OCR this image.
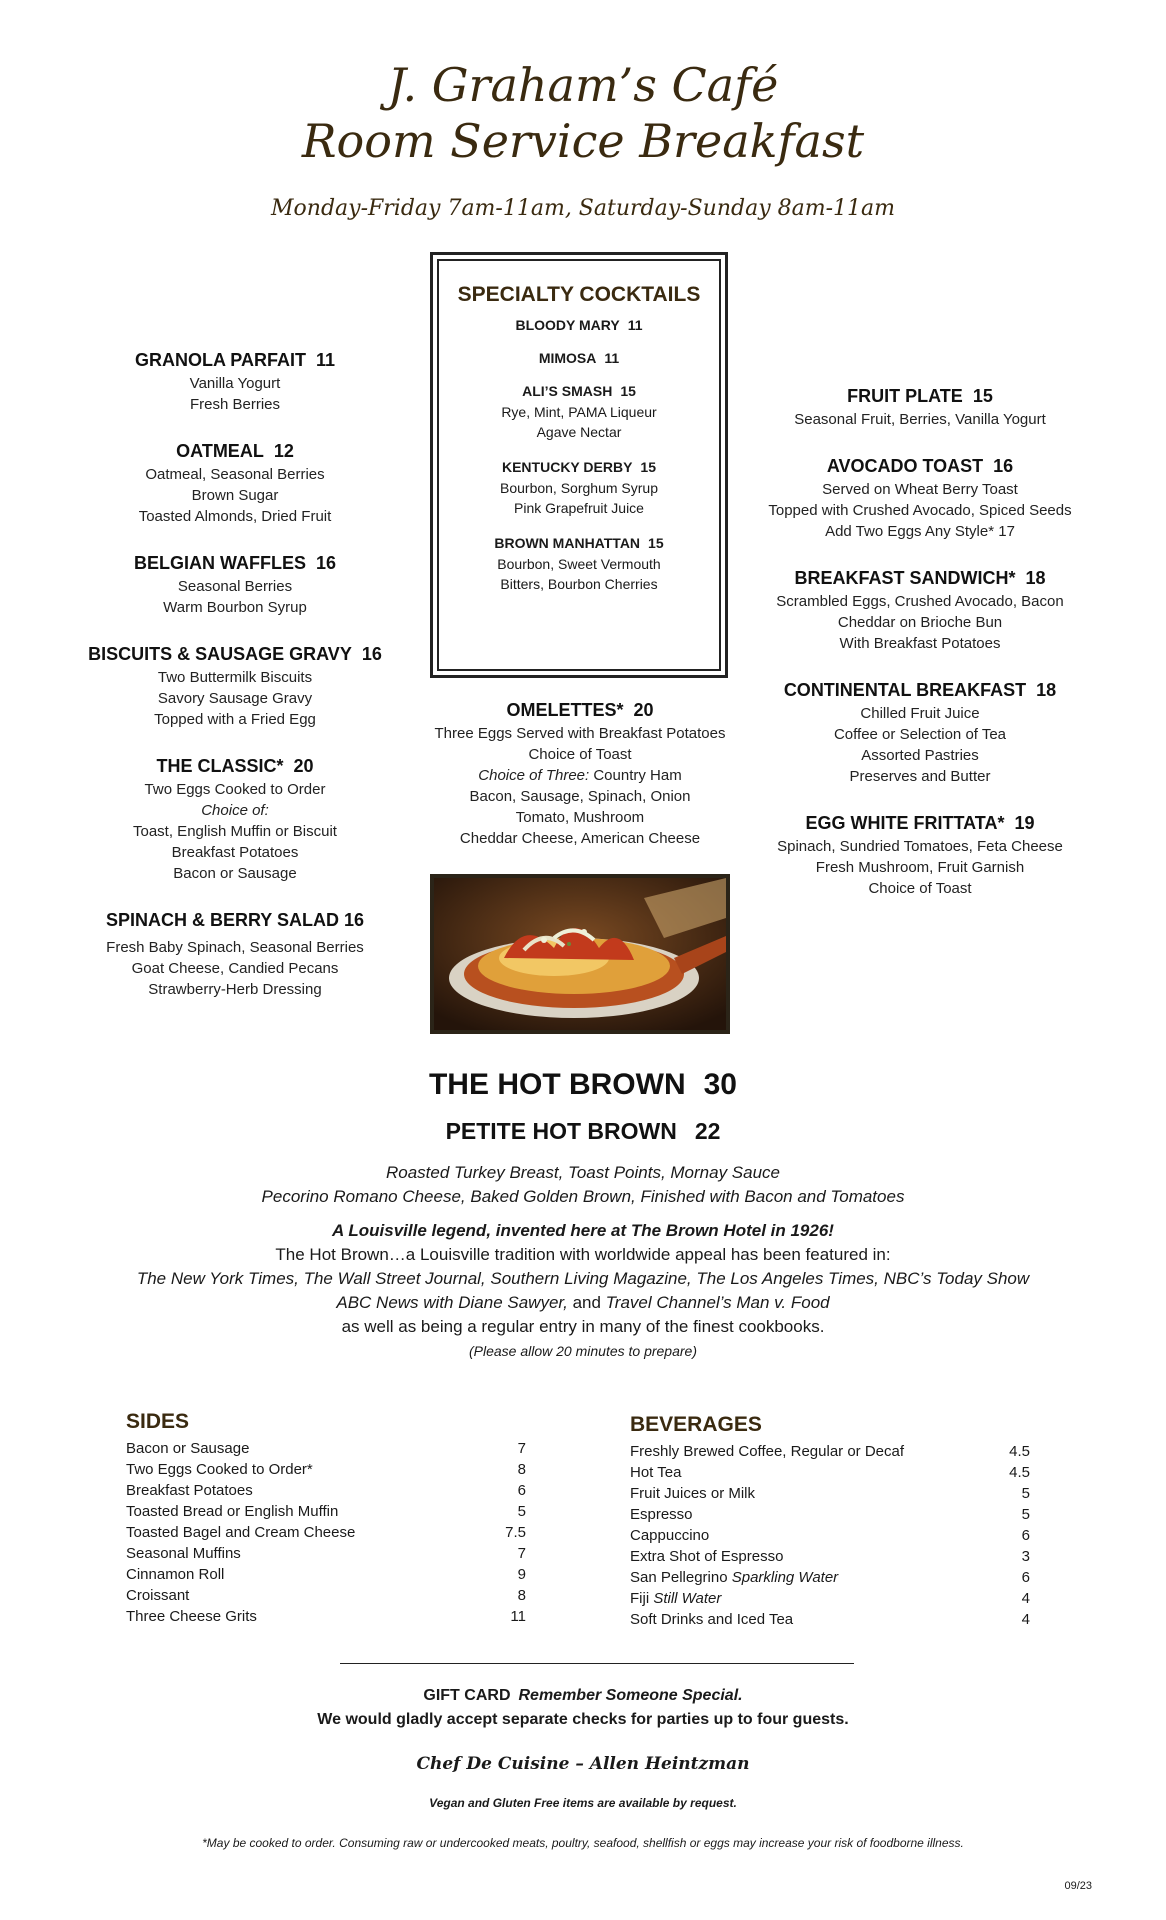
J. Graham’s Café
Room Service Breakfast
Monday-Friday 7am-11am, Saturday-Sunday 8am-11am
GRANOLA PARFAIT 11
Vanilla Yogurt
Fresh Berries
OATMEAL 12
Oatmeal, Seasonal Berries
Brown Sugar
Toasted Almonds, Dried Fruit
BELGIAN WAFFLES 16
Seasonal Berries
Warm Bourbon Syrup
BISCUITS & SAUSAGE GRAVY 16
Two Buttermilk Biscuits
Savory Sausage Gravy
Topped with a Fried Egg
THE CLASSIC* 20
Two Eggs Cooked to Order
Choice of:
Toast, English Muffin or Biscuit
Breakfast Potatoes
Bacon or Sausage
SPINACH & BERRY SALAD 16
Fresh Baby Spinach, Seasonal Berries
Goat Cheese, Candied Pecans
Strawberry-Herb Dressing
SPECIALTY COCKTAILS
BLOODY MARY 11
MIMOSA 11
ALI’S SMASH 15
Rye, Mint, PAMA Liqueur
Agave Nectar
KENTUCKY DERBY 15
Bourbon, Sorghum Syrup
Pink Grapefruit Juice
BROWN MANHATTAN 15
Bourbon, Sweet Vermouth
Bitters, Bourbon Cherries
OMELETTES* 20
Three Eggs Served with Breakfast Potatoes
Choice of Toast
Choice of Three: Country Ham
Bacon, Sausage, Spinach, Onion
Tomato, Mushroom
Cheddar Cheese, American Cheese
FRUIT PLATE 15
Seasonal Fruit, Berries, Vanilla Yogurt
AVOCADO TOAST 16
Served on Wheat Berry Toast
Topped with Crushed Avocado, Spiced Seeds
Add Two Eggs Any Style* 17
BREAKFAST SANDWICH* 18
Scrambled Eggs, Crushed Avocado, Bacon
Cheddar on Brioche Bun
With Breakfast Potatoes
CONTINENTAL BREAKFAST 18
Chilled Fruit Juice
Coffee or Selection of Tea
Assorted Pastries
Preserves and Butter
EGG WHITE FRITTATA* 19
Spinach, Sundried Tomatoes, Feta Cheese
Fresh Mushroom, Fruit Garnish
Choice of Toast
THE HOT BROWN 30
PETITE HOT BROWN 22
Roasted Turkey Breast, Toast Points, Mornay Sauce
Pecorino Romano Cheese, Baked Golden Brown, Finished with Bacon and Tomatoes
A Louisville legend, invented here at The Brown Hotel in 1926!
The Hot Brown…a Louisville tradition with worldwide appeal has been featured in:
The New York Times, The Wall Street Journal, Southern Living Magazine, The Los Angeles Times, NBC’s Today Show
ABC News with Diane Sawyer, and Travel Channel’s Man v. Food
as well as being a regular entry in many of the finest cookbooks.
(Please allow 20 minutes to prepare)
SIDES
Bacon or Sausage	7
Two Eggs Cooked to Order*	8
Breakfast Potatoes	6
Toasted Bread or English Muffin	5
Toasted Bagel and Cream Cheese	7.5
Seasonal Muffins	7
Cinnamon Roll	9
Croissant	8
Three Cheese Grits	11
BEVERAGES
Freshly Brewed Coffee, Regular or Decaf	4.5
Hot Tea	4.5
Fruit Juices or Milk	5
Espresso	5
Cappuccino	6
Extra Shot of Espresso	3
San Pellegrino Sparkling Water	6
Fiji Still Water	4
Soft Drinks and Iced Tea	4
GIFT CARD Remember Someone Special.
We would gladly accept separate checks for parties up to four guests.
Chef De Cuisine – Allen Heintzman
Vegan and Gluten Free items are available by request.
*May be cooked to order. Consuming raw or undercooked meats, poultry, seafood, shellfish or eggs may increase your risk of foodborne illness.
09/23
